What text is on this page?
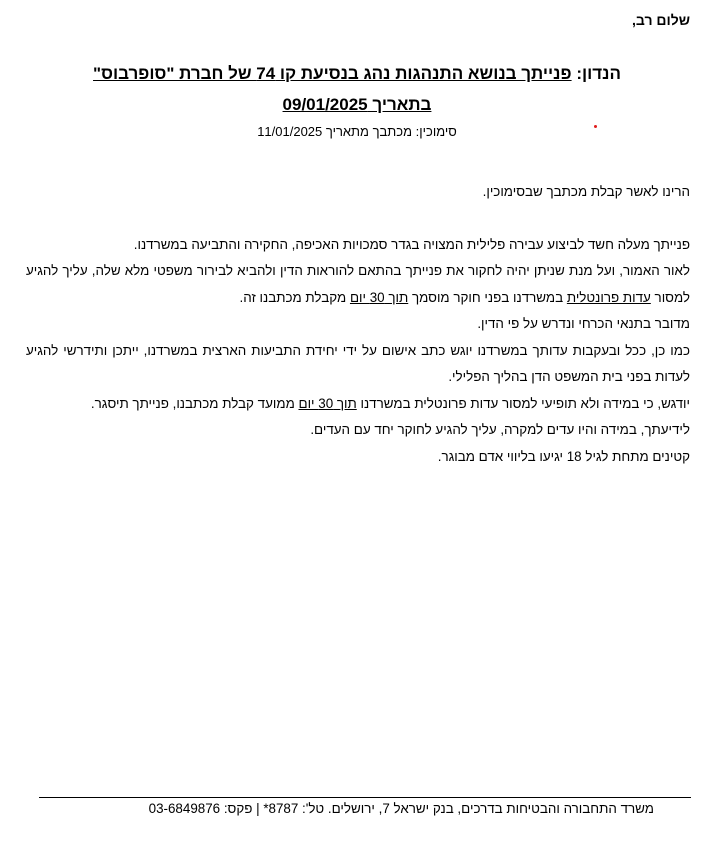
שלום רב,
הנדון: פנייתך בנושא התנהגות נהג בנסיעת קו 74 של חברת "סופרבוס"
בתאריך 09/01/2025
סימוכין: מכתבך מתאריך 11/01/2025

הרינו לאשר קבלת מכתבך שבסימוכין.

פנייתך מעלה חשד לביצוע עבירה פלילית המצויה בגדר סמכויות האכיפה, החקירה והתביעה במשרדנו.

לאור האמור, ועל מנת שניתן יהיה לחקור את פנייתך בהתאם להוראות הדין ולהביא לבירור משפטי מלא שלה, עליך להגיע למסור עדות פרונטלית במשרדנו בפני חוקר מוסמך תוך 30 יום מקבלת מכתבנו זה.

מדובר בתנאי הכרחי ונדרש על פי הדין.

כמו כן, ככל ובעקבות עדותך במשרדנו יוגש כתב אישום על ידי יחידת התביעות הארצית במשרדנו, ייתכן ותידרשי להגיע לעדות בפני בית המשפט הדן בהליך הפלילי.

יודגש, כי במידה ולא תופיעי למסור עדות פרונטלית במשרדנו תוך 30 יום ממועד קבלת מכתבנו, פנייתך תיסגר.

לידיעתך, במידה והיו עדים למקרה, עליך להגיע לחוקר יחד עם העדים.

קטינים מתחת לגיל 18 יגיעו בליווי אדם מבוגר.

משרד התחבורה והבטיחות בדרכים, בנק ישראל 7, ירושלים. טל': 8787* | פקס: 03-6849876
